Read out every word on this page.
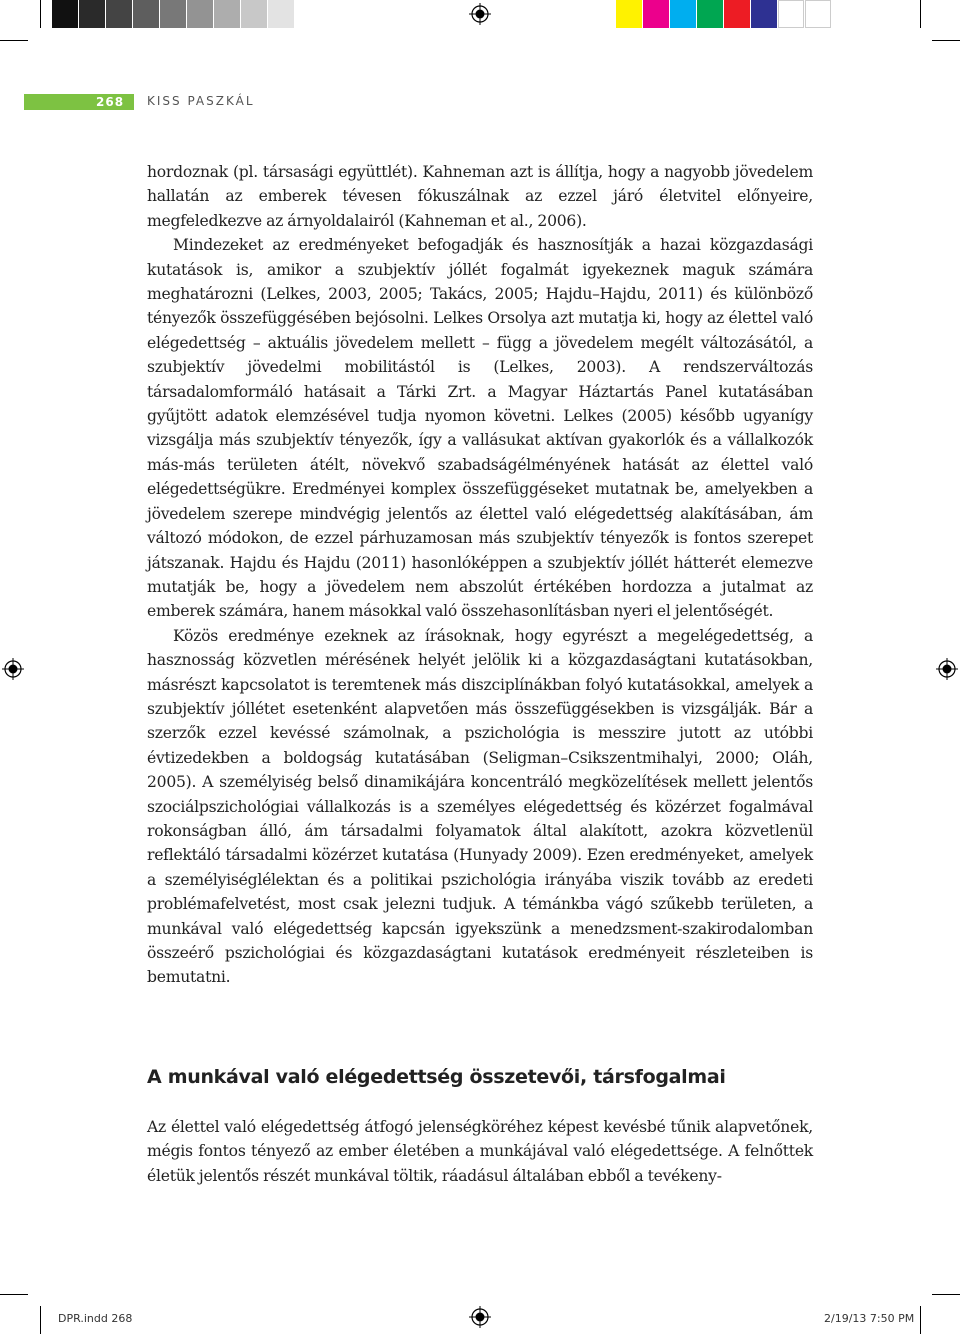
268 KISS PASZKÁL

hordoznak (pl. társasági együttlét). Kahneman azt is állítja, hogy a nagyobb jövedelem hallatán az emberek tévesen fókuszálnak az ezzel járó életvitel előnyeire, megfeledkezve az árnyoldalairól (Kahneman et al., 2006).

Mindezeket az eredményeket befogadják és hasznosítják a hazai közgazdasági kutatások is, amikor a szubjektív jóllét fogalmát igyekeznek maguk számára meghatározni (Lelkes, 2003, 2005; Takács, 2005; Hajdu–Hajdu, 2011) és különböző tényezők összefüggésében bejósolni. Lelkes Orsolya azt mutatja ki, hogy az élettel való elégedettség – aktuális jövedelem mellett – függ a jövedelem megélt változásától, a szubjektív jövedelmi mobilitástól is (Lelkes, 2003). A rendszerváltozás társadalomformáló hatásait a Tárki Zrt. a Magyar Háztartás Panel kutatásában gyűjtött adatok elemzésével tudja nyomon követni. Lelkes (2005) később ugyanígy vizsgálja más szubjektív tényezők, így a vallásukat aktívan gyakorlók és a vállalkozók más-más területen átélt, növekvő szabadságélményének hatását az élettel való elégedettségükre. Eredményei komplex összefüggéseket mutatnak be, amelyekben a jövedelem szerepe mindvégig jelentős az élettel való elégedettség alakításában, ám változó módokon, de ezzel párhuzamosan más szubjektív tényezők is fontos szerepet játszanak. Hajdu és Hajdu (2011) hasonlóképpen a szubjektív jóllét hátterét elemezve mutatják be, hogy a jövedelem nem abszolút értékében hordozza a jutalmat az emberek számára, hanem másokkal való összehasonlításban nyeri el jelentőségét.

Közös eredménye ezeknek az írásoknak, hogy egyrészt a megelégedettség, a hasznosság közvetlen mérésének helyét jelölik ki a közgazdaságtani kutatásokban, másrészt kapcsolatot is teremtenek más diszciplínákban folyó kutatásokkal, amelyek a szubjektív jóllétet esetenként alapvetően más összefüggésekben is vizsgálják. Bár a szerzők ezzel kevéssé számolnak, a pszichológia is messzire jutott az utóbbi évtizedekben a boldogság kutatásában (Seligman–Csikszentmihalyi, 2000; Oláh, 2005). A személyiség belső dinamikájára koncentráló megközelítések mellett jelentős szociálpszichológiai vállalkozás is a személyes elégedettség és közérzet fogalmával rokonságban álló, ám társadalmi folyamatok által alakított, azokra közvetlenül reflektáló társadalmi közérzet kutatása (Hunyady 2009). Ezen eredményeket, amelyek a személyiséglélektan és a politikai pszichológia irányába viszik tovább az eredeti problémafelvetést, most csak jelezni tudjuk. A témánkba vágó szűkebb területen, a munkával való elégedettség kapcsán igyekszünk a menedzsment-szakirodalomban összeérő pszichológiai és közgazdaságtani kutatások eredményeit részleteiben is bemutatni.

A munkával való elégedettség összetevői, társfogalmai

Az élettel való elégedettség átfogó jelenségköréhez képest kevésbé tűnik alapvetőnek, mégis fontos tényező az ember életében a munkájával való elégedettsége. A felnőttek életük jelentős részét munkával töltik, ráadásul általában ebből a tevékeny-

DPR.indd 268	2/19/13 7:50 PM
